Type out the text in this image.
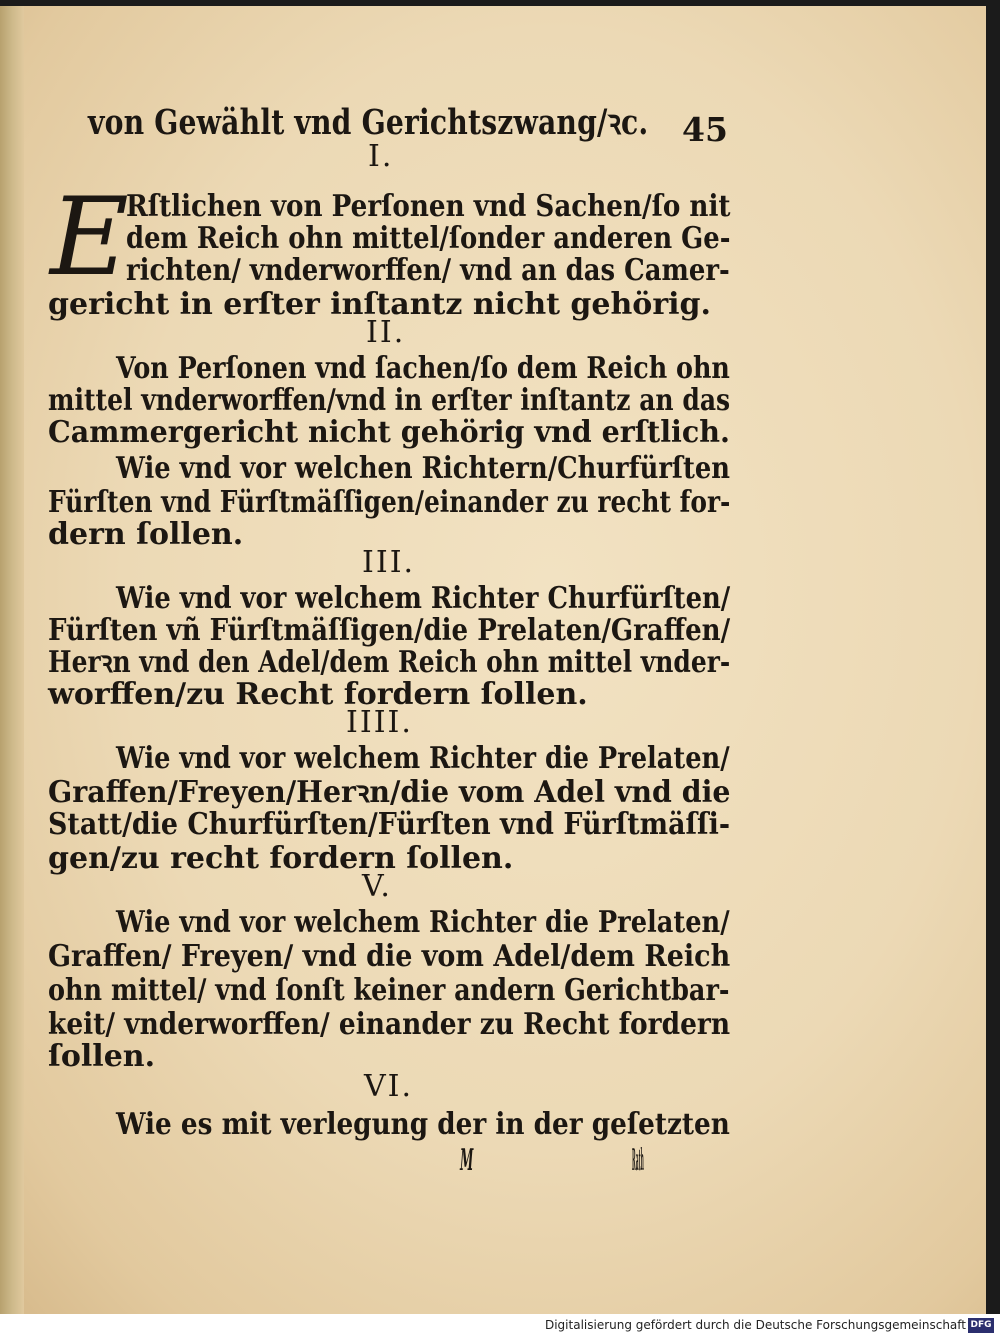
von Gewählt vnd Gerichtszwang/ꝛc. 45
I.
E
Rſtlichen von Perſonen vnd Sachen/ſo nit
dem Reich ohn mittel/ſonder anderen Ge-
richten/ vnderworffen/ vnd an das Camer-
gericht in erſter inſtantz nicht gehörig.
II.
Von Perſonen vnd ſachen/ſo dem Reich ohn
mittel vnderworffen/vnd in erſter inſtantz an das
Cammergericht nicht gehörig vnd erſtlich.
Wie vnd vor welchen Richtern/Churfürſten
Fürſten vnd Fürſtmäſſigen/einander zu recht for-
dern ſollen.
III.
Wie vnd vor welchem Richter Churfürſten/
Fürſten vñ Fürſtmäſſigen/die Prelaten/Graffen/
Herꝛn vnd den Adel/dem Reich ohn mittel vnder-
worffen/zu Recht fordern ſollen.
IIII.
Wie vnd vor welchem Richter die Prelaten/
Graffen/Freyen/Herꝛn/die vom Adel vnd die
Statt/die Churfürſten/Fürſten vnd Fürſtmäſſi-
gen/zu recht fordern ſollen.
V.
Wie vnd vor welchem Richter die Prelaten/
Graffen/ Freyen/ vnd die vom Adel/dem Reich
ohn mittel/ vnd ſonſt keiner andern Gerichtbar-
keit/ vnderworffen/ einander zu Recht fordern
ſollen.
VI.
Wie es mit verlegung der in der geſetzten
M	Rath
Digitalisierung gefördert durch die Deutsche Forschungsgemeinschaft DFG
